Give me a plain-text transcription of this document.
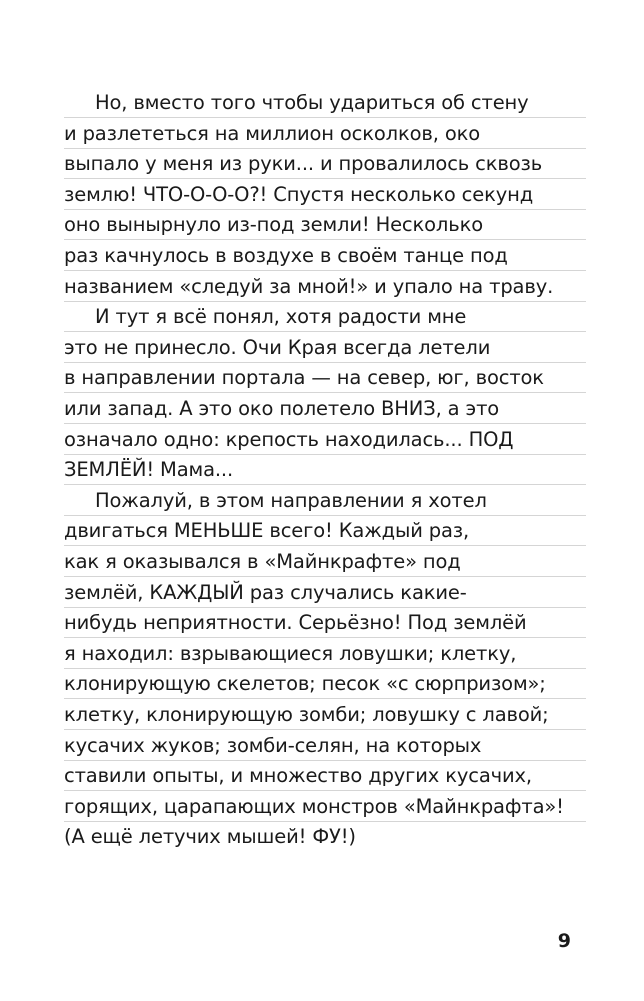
Но, вместо того чтобы удариться об стену
и разлететься на миллион осколков, око
выпало у меня из руки... и провалилось сквозь
землю! ЧТО-О-О-О?! Спустя несколько секунд
оно вынырнуло из-под земли! Несколько
раз качнулось в воздухе в своём танце под
названием «следуй за мной!» и упало на траву.
И тут я всё понял, хотя радости мне
это не принесло. Очи Края всегда летели
в направлении портала — на север, юг, восток
или запад. А это око полетело ВНИЗ, а это
означало одно: крепость находилась... ПОД
ЗЕМЛЁЙ! Мама...
Пожалуй, в этом направлении я хотел
двигаться МЕНЬШЕ всего! Каждый раз,
как я оказывался в «Майнкрафте» под
землёй, КАЖДЫЙ раз случались какие-
нибудь неприятности. Серьёзно! Под землёй
я находил: взрывающиеся ловушки; клетку,
клонирующую скелетов; песок «с сюрпризом»;
клетку, клонирующую зомби; ловушку с лавой;
кусачих жуков; зомби-селян, на которых
ставили опыты, и множество других кусачих,
горящих, царапающих монстров «Майнкрафта»!
(А ещё летучих мышей! ФУ!)
9
